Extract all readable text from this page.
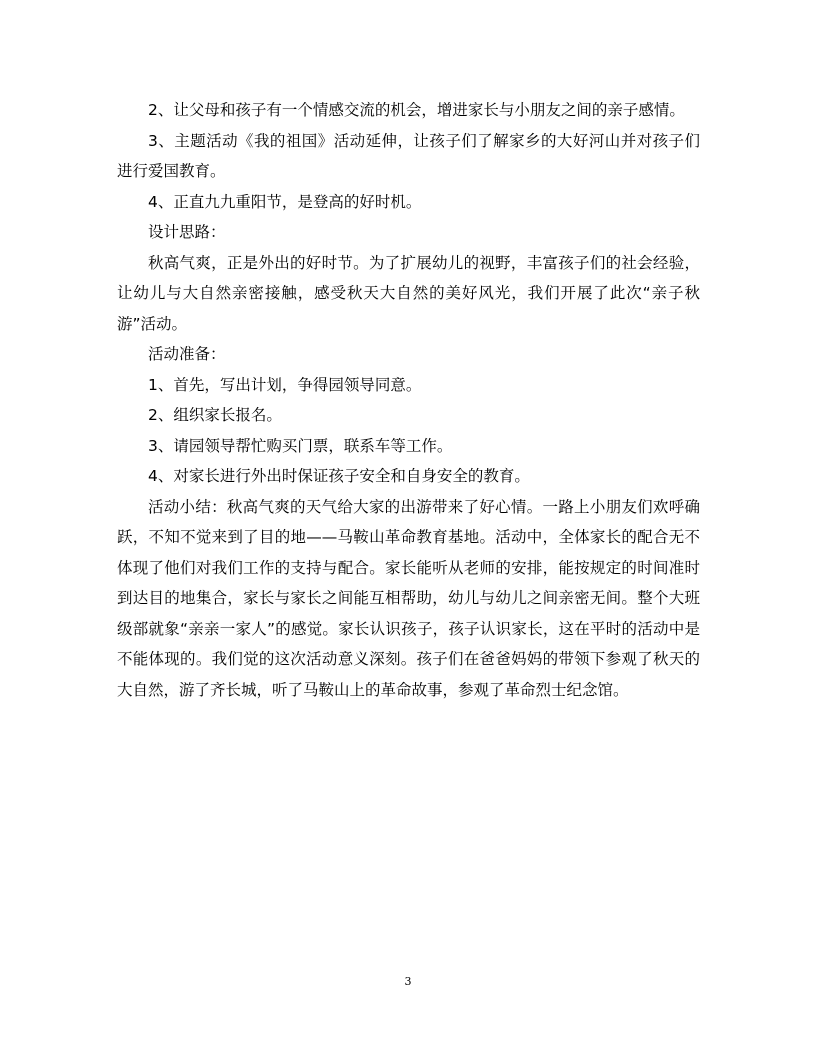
2、让父母和孩子有一个情感交流的机会，增进家长与小朋友之间的亲子感情。

3、主题活动《我的祖国》活动延伸，让孩子们了解家乡的大好河山并对孩子们进行爱国教育。

4、正直九九重阳节，是登高的好时机。

设计思路：

秋高气爽，正是外出的好时节。为了扩展幼儿的视野，丰富孩子们的社会经验，让幼儿与大自然亲密接触，感受秋天大自然的美好风光，我们开展了此次“亲子秋游”活动。

活动准备：

1、首先，写出计划，争得园领导同意。

2、组织家长报名。

3、请园领导帮忙购买门票，联系车等工作。

4、对家长进行外出时保证孩子安全和自身安全的教育。

活动小结：秋高气爽的天气给大家的出游带来了好心情。一路上小朋友们欢呼确跃，不知不觉来到了目的地——马鞍山革命教育基地。活动中，全体家长的配合无不体现了他们对我们工作的支持与配合。家长能听从老师的安排，能按规定的时间准时到达目的地集合，家长与家长之间能互相帮助，幼儿与幼儿之间亲密无间。整个大班级部就象“亲亲一家人”的感觉。家长认识孩子，孩子认识家长，这在平时的活动中是不能体现的。我们觉的这次活动意义深刻。孩子们在爸爸妈妈的带领下参观了秋天的大自然，游了齐长城，听了马鞍山上的革命故事，参观了革命烈士纪念馆。

3
